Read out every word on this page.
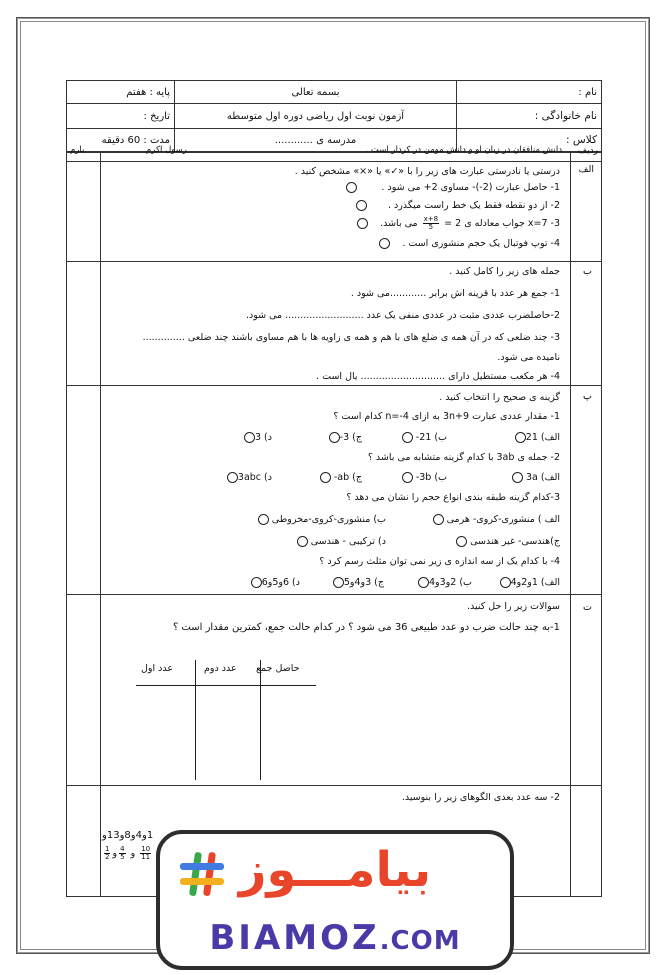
نام :
نام خانوادگی :
کلاس :
بسمه تعالی
آزمون نوبت اول ریاضی دوره اول متوسطه
مدرسه ی ............
پایه : هفتم
تاریخ :
مدت : 60 دقیقه
ردیف
دانش منافقان در زبان او و دانش مومن در کردار است .
رسول اکرم
بارم
الف
درستی یا نادرستی عبارت های زیر را با «✓» یا «×» مشخص کنید .
1- حاصل عبارت (2-)- مساوی 2+ می شود .
2- از دو نقطه فقط یک خط راست میگذرد .
3- x=7 جواب معادله ی 2 =
$\frac{x+8}{5}$
می باشد.
4- توپ فوتبال یک حجم منشوری است .
ب
جمله های زیر را کامل کنید .
1- جمع هر عدد با قرینه اش برابر ............می شود .
2-حاصلضرب عددی مثبت در عددی منفی یک عدد .......................... می شود.
3- چند ضلعی که در آن همه ی ضلع های با هم و همه ی زاویه ها با هم مساوی باشند چند ضلعی ..............
نامیده می شود.
4- هر مکعب مستطیل دارای ............................ یال است .
پ
گزینه ی صحیح را انتخاب کنید .
1- مقدار عددی عبارت 3n+9 به ازای n=-4 کدام است ؟
الف) 21
ب) 21-
ج) 3-
د) 3
2- جمله ی 3ab با کدام گزینه متشابه می باشد ؟
الف) 3a
ب) 3b-
ج) ab-
د) 3abc
3-کدام گزینه طبقه بندی انواع حجم را نشان می دهد ؟
الف ) منشوری-کروی- هرمی
ب) منشوری-کروی-مخروطی
ج)هندسی- غیر هندسی
د) ترکیبی - هندسی
4- با کدام یک از سه اندازه ی زیر نمی توان مثلث رسم کرد ؟
الف) 1و2و4
ب) 2و3و4
ج) 3و4و5
د) 6و5و6
ت
سوالات زیر را حل کنید.
1-به چند حالت ضرب دو عدد طبیعی 36 می شود ؟ در کدام حالت جمع، کمترین مقدار است ؟
حاصل جمع
عدد دوم
عدد اول
2- سه عدد بعدی الگوهای زیر را بنوسید.
1و4و8و13و
$\frac{1}{2}$ و
$\frac{4}{5}$
و	$\frac{10}{11}$	بیامـــوز
BIAMOZ.COM
